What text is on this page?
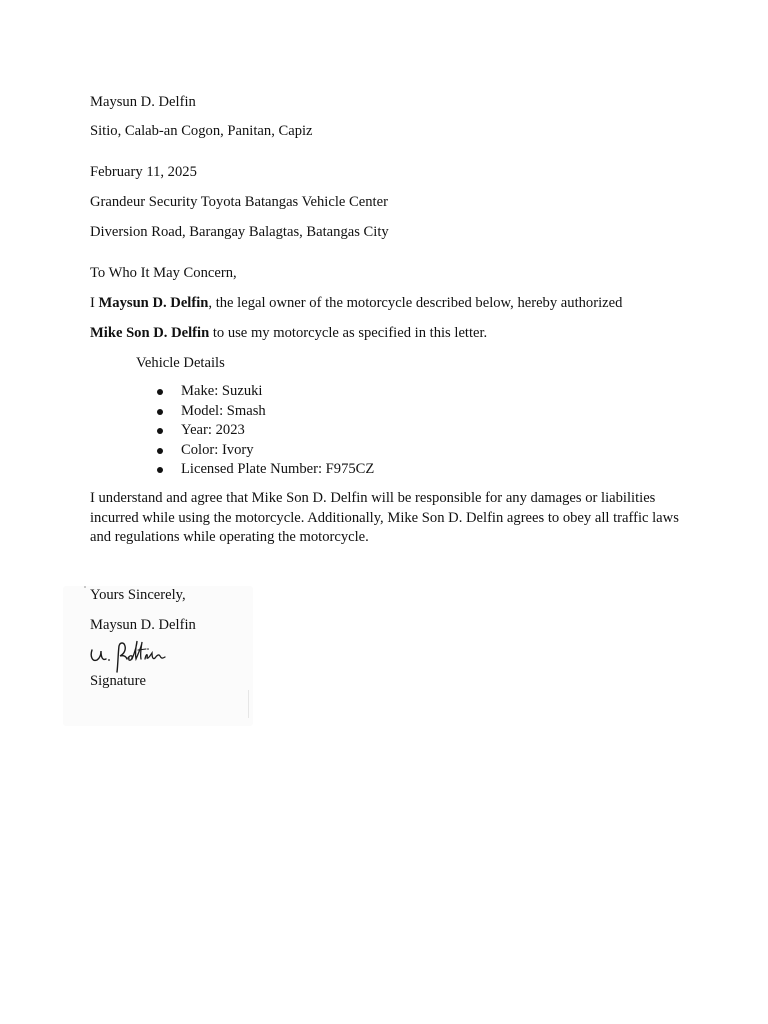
Maysun D. Delfin
Sitio, Calab-an Cogon, Panitan, Capiz
February 11, 2025
Grandeur Security Toyota Batangas Vehicle Center
Diversion Road, Barangay Balagtas, Batangas City
To Who It May Concern,
I Maysun D. Delfin, the legal owner of the motorcycle described below, hereby authorized
Mike Son D. Delfin to use my motorcycle as specified in this letter.
Vehicle Details
Make: Suzuki
Model: Smash
Year: 2023
Color: Ivory
Licensed Plate Number: F975CZ
I understand and agree that Mike Son D. Delfin will be responsible for any damages or liabilities incurred while using the motorcycle. Additionally, Mike Son D. Delfin agrees to obey all traffic laws and regulations while operating the motorcycle.
Yours Sincerely,
Maysun D. Delfin
Signature
